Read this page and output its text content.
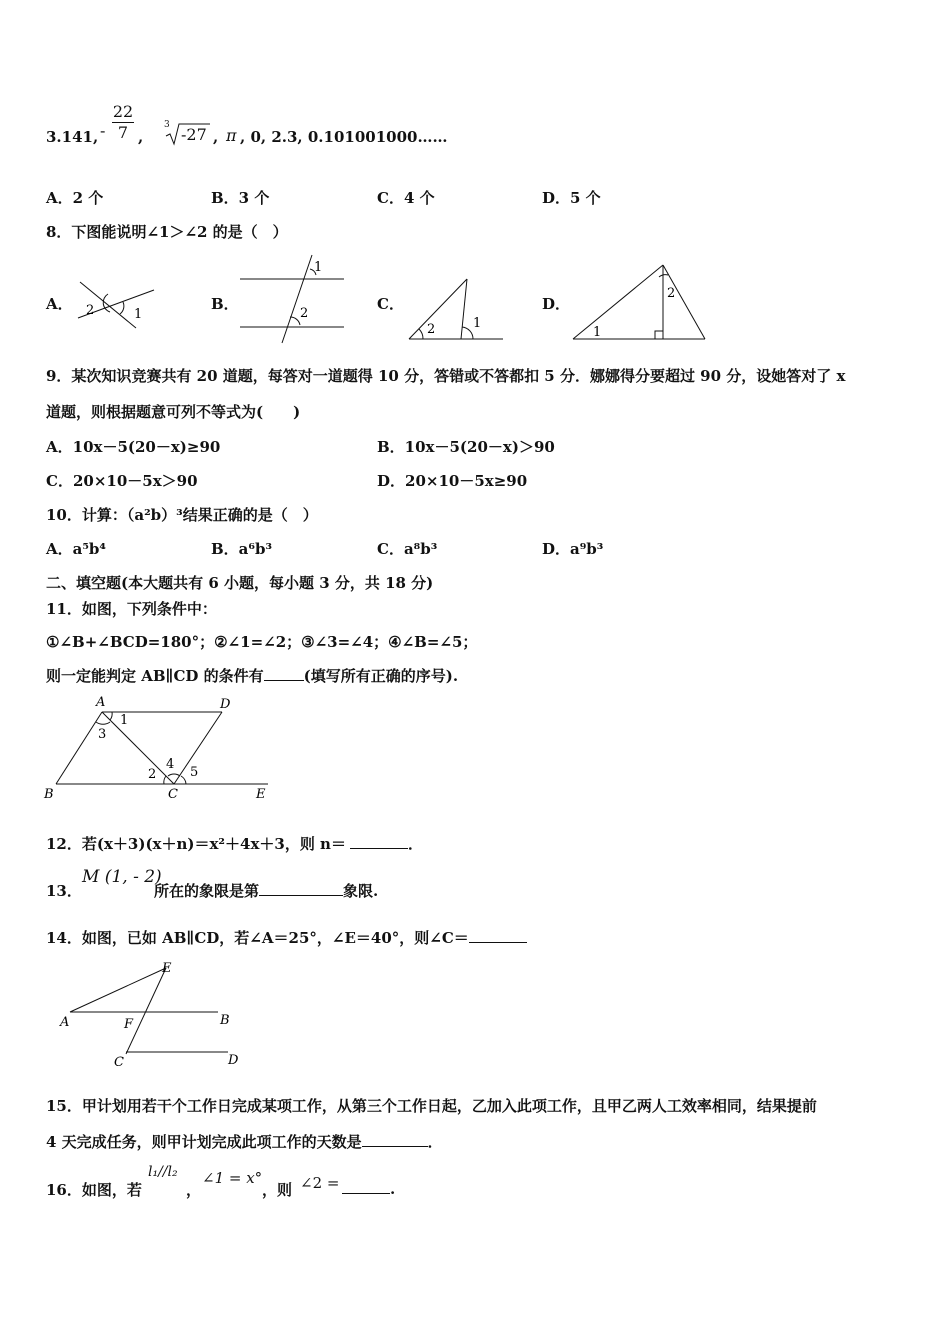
3.141, - $\frac{22}{7}$ ,
3 -27 , π , 0, 2.3, 0.101001000……
A．2 个	B．3 个	C．4 个	D．5 个
8．下图能说明∠1＞∠2 的是（　）
A．	B．	C．	D．
2	1
1
2
2	1
2
1
9．某次知识竞赛共有 20 道题，每答对一道题得 10 分，答错或不答都扣 5 分．娜娜得分要超过 90 分，设她答对了 x
道题，则根据题意可列不等式为(　　)
A．10x－5(20－x)≥90	B．10x－5(20－x)＞90
C．20×10－5x＞90	D．20×10－5x≥90
10．计算：（a²b）³结果正确的是（　）
A．a⁵b⁴	B．a⁶b³	C．a⁸b³	D．a⁹b³
二、填空题(本大题共有 6 小题，每小题 3 分，共 18 分)
11．如图，下列条件中：
①∠B+∠BCD=180°；②∠1=∠2；③∠3=∠4；④∠B=∠5；
则一定能判定 AB∥CD 的条件有	(填写所有正确的序号).
A	D
B	C	E
1
3
2
4
5
12．若(x＋3)(x＋n)＝x²＋4x＋3，则 n＝	．
13．
M (1, - 2)
所在的象限是第	象限.
14．如图，已如 AB∥CD，若∠A＝25°，∠E＝40°，则∠C＝
E
A	B
F
C	D
15．甲计划用若干个工作日完成某项工作，从第三个工作日起，乙加入此项工作，且甲乙两人工效率相同，结果提前
4 天完成任务，则甲计划完成此项工作的天数是	．
16．如图，若
l₁//l₂
，
∠1 = x°
，则 ∠2 =	.
